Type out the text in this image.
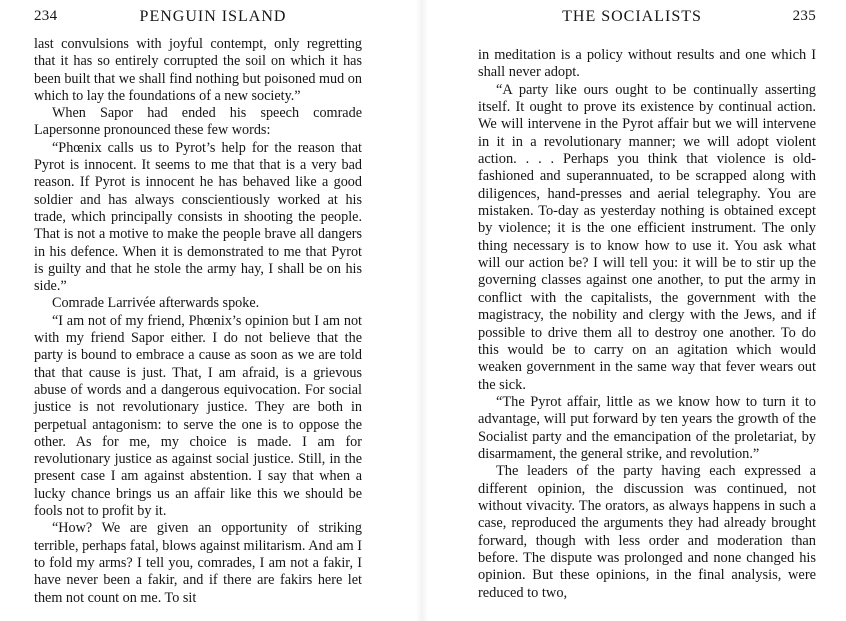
234	PENGUIN ISLAND

last convulsions with joyful contempt, only regretting that it has so entirely corrupted the soil on which it has been built that we shall find nothing but poisoned mud on which to lay the foundations of a new society.”

When Sapor had ended his speech comrade Lapersonne pronounced these few words:

“Phœnix calls us to Pyrot’s help for the reason that Pyrot is innocent. It seems to me that that is a very bad reason. If Pyrot is innocent he has behaved like a good soldier and has always conscientiously worked at his trade, which principally consists in shooting the people. That is not a motive to make the people brave all dangers in his defence. When it is demonstrated to me that Pyrot is guilty and that he stole the army hay, I shall be on his side.”

Comrade Larrivée afterwards spoke.

“I am not of my friend, Phœnix’s opinion but I am not with my friend Sapor either. I do not believe that the party is bound to embrace a cause as soon as we are told that that cause is just. That, I am afraid, is a grievous abuse of words and a dangerous equivocation. For social justice is not revolutionary justice. They are both in perpetual antagonism: to serve the one is to oppose the other. As for me, my choice is made. I am for revolutionary justice as against social justice. Still, in the present case I am against abstention. I say that when a lucky chance brings us an affair like this we should be fools not to profit by it.

“How? We are given an opportunity of striking terrible, perhaps fatal, blows against militarism. And am I to fold my arms? I tell you, comrades, I am not a fakir, I have never been a fakir, and if there are fakirs here let them not count on me. To sit

THE SOCIALISTS	235

in meditation is a policy without results and one which I shall never adopt.

“A party like ours ought to be continually asserting itself. It ought to prove its existence by continual action. We will intervene in the Pyrot affair but we will intervene in it in a revolutionary manner; we will adopt violent action. . . . Perhaps you think that violence is old-fashioned and superannuated, to be scrapped along with diligences, hand-presses and aerial telegraphy. You are mistaken. To-day as yesterday nothing is obtained except by violence; it is the one efficient instrument. The only thing necessary is to know how to use it. You ask what will our action be? I will tell you: it will be to stir up the governing classes against one another, to put the army in conflict with the capitalists, the government with the magistracy, the nobility and clergy with the Jews, and if possible to drive them all to destroy one another. To do this would be to carry on an agitation which would weaken government in the same way that fever wears out the sick.

“The Pyrot affair, little as we know how to turn it to advantage, will put forward by ten years the growth of the Socialist party and the emancipation of the proletariat, by disarmament, the general strike, and revolution.”

The leaders of the party having each expressed a different opinion, the discussion was continued, not without vivacity. The orators, as always happens in such a case, reproduced the arguments they had already brought forward, though with less order and moderation than before. The dispute was prolonged and none changed his opinion. But these opinions, in the final analysis, were reduced to two,
